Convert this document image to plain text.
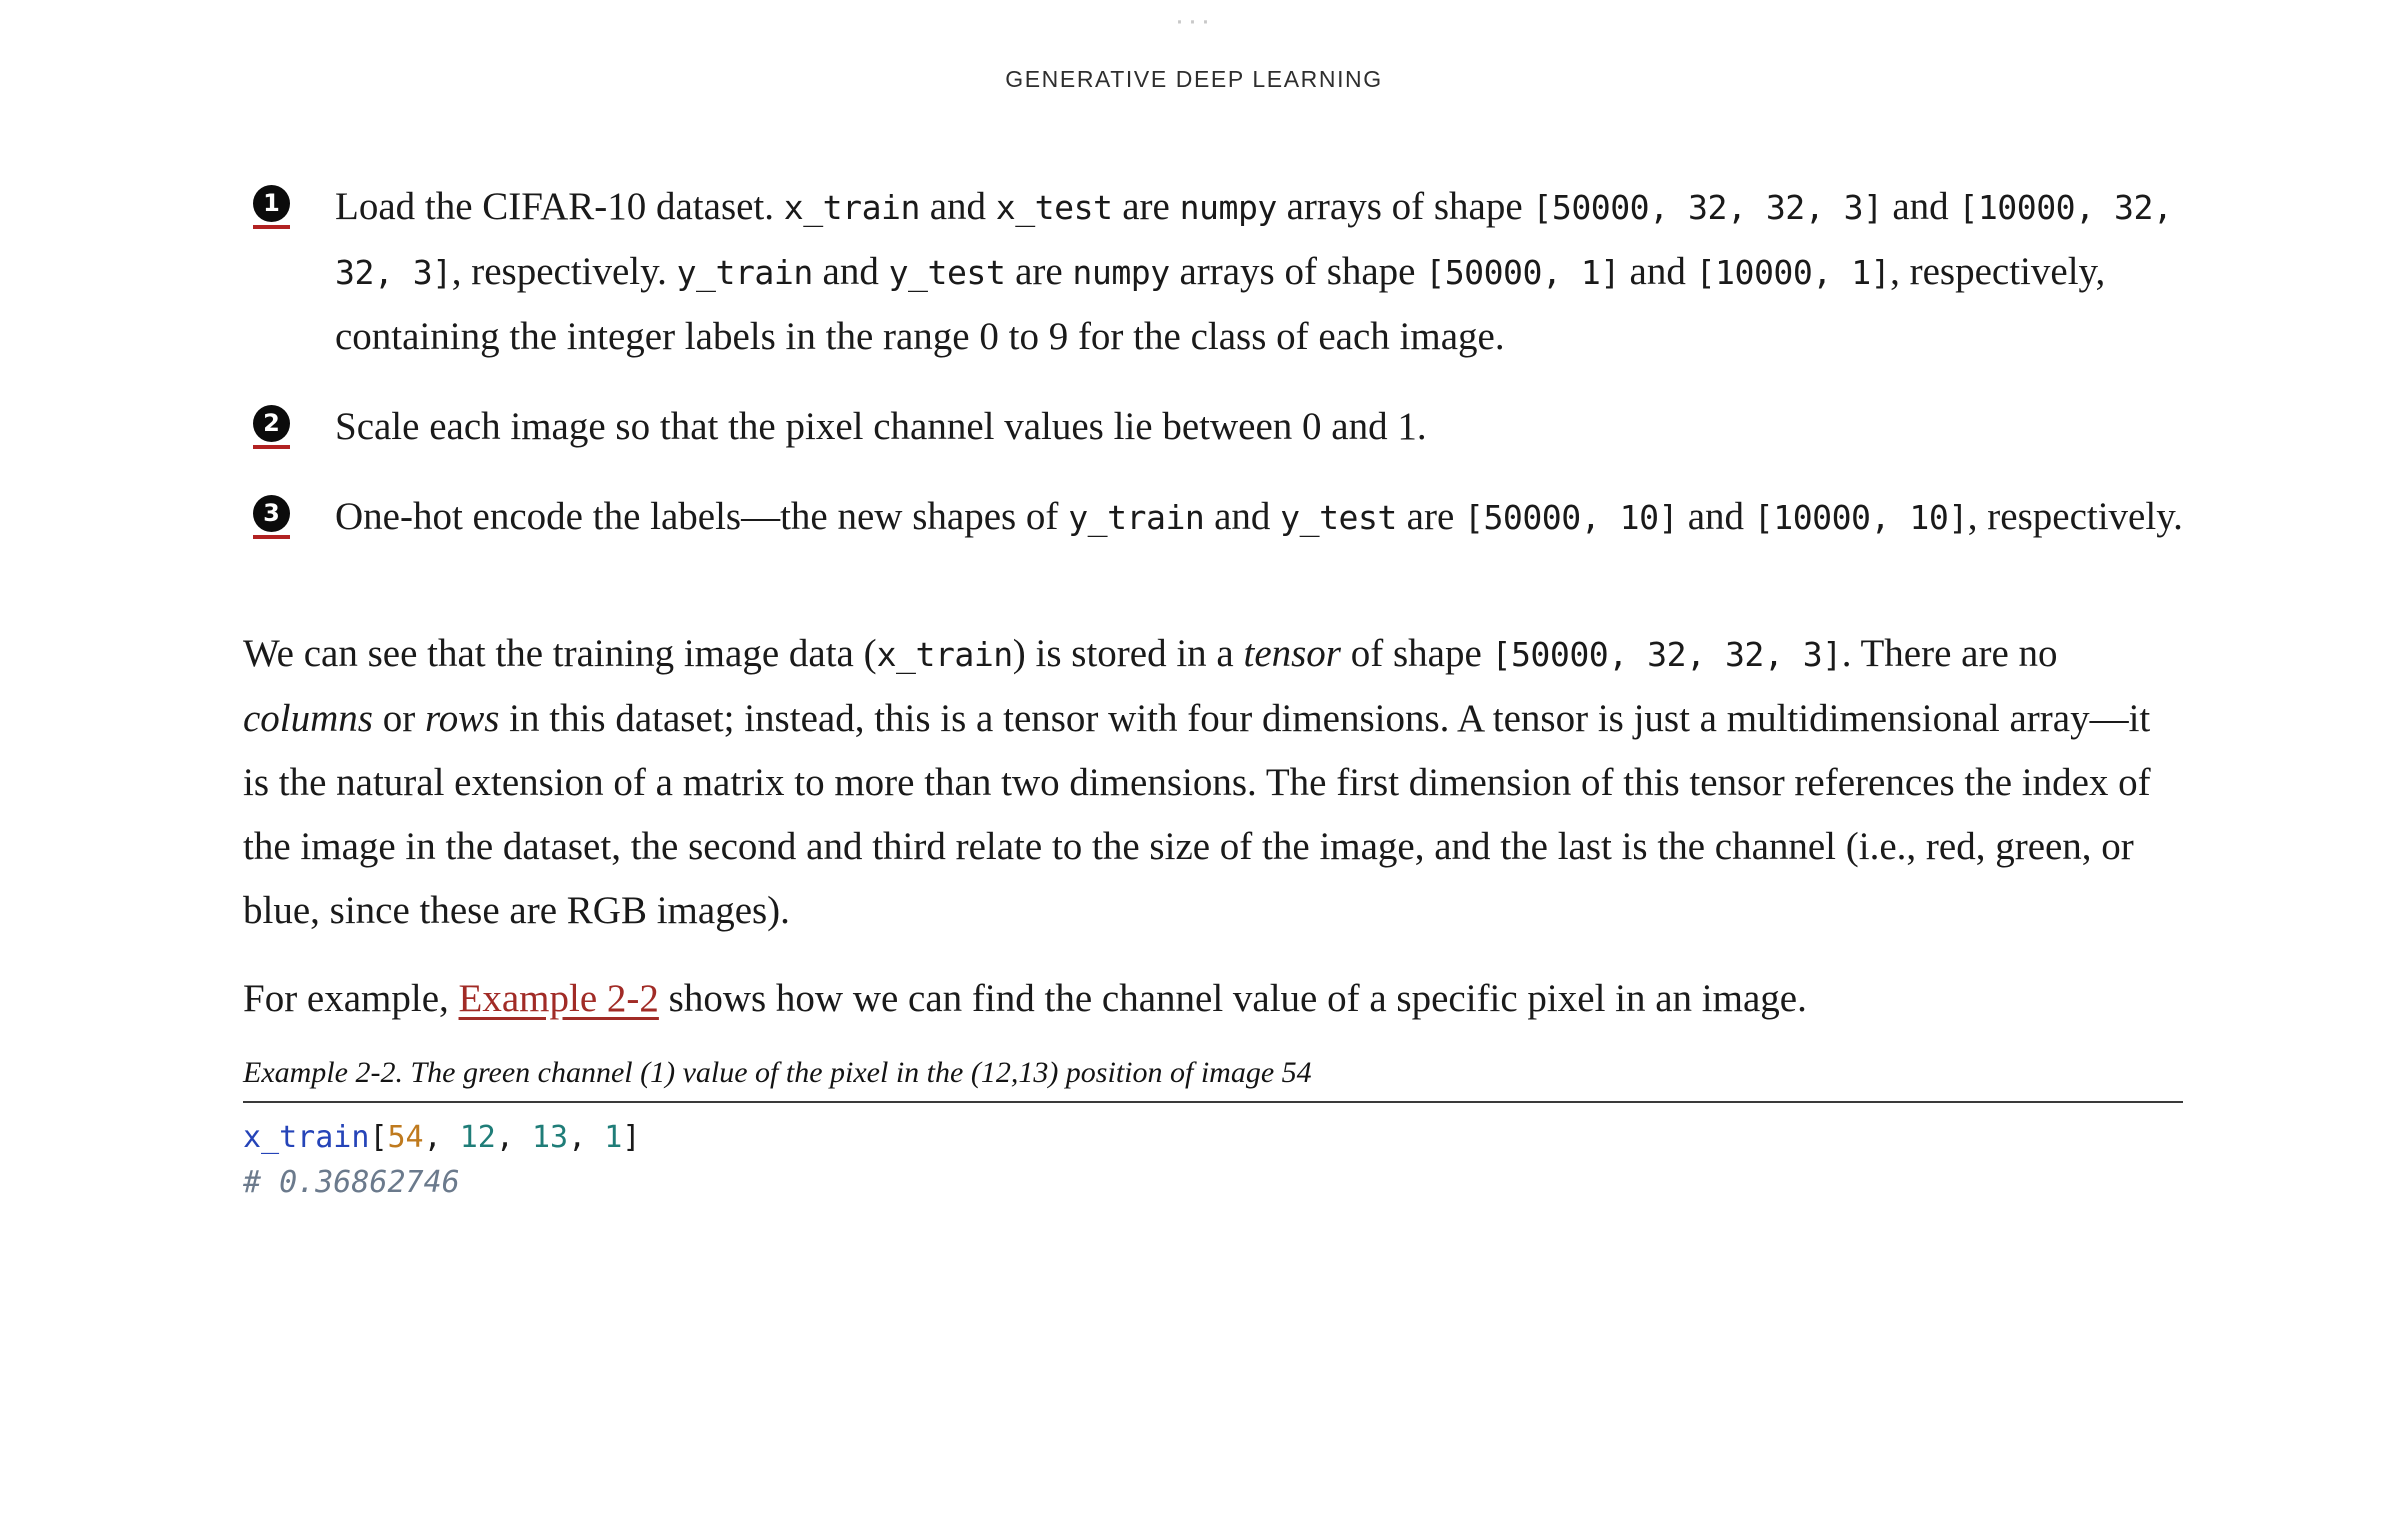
···
GENERATIVE DEEP LEARNING
1 Load the CIFAR-10 dataset. x_train and x_test are numpy arrays of shape [50000, 32, 32, 3] and [10000, 32, 32, 3], respectively. y_train and y_test are numpy arrays of shape [50000, 1] and [10000, 1], respectively, containing the integer labels in the range 0 to 9 for the class of each image.
2 Scale each image so that the pixel channel values lie between 0 and 1.
3 One-hot encode the labels—the new shapes of y_train and y_test are [50000, 10] and [10000, 10], respectively.

We can see that the training image data (x_train) is stored in a tensor of shape [50000, 32, 32, 3]. There are no columns or rows in this dataset; instead, this is a tensor with four dimensions. A tensor is just a multidimensional array—it is the natural extension of a matrix to more than two dimensions. The first dimension of this tensor references the index of the image in the dataset, the second and third relate to the size of the image, and the last is the channel (i.e., red, green, or blue, since these are RGB images).

For example, Example 2-2 shows how we can find the channel value of a specific pixel in an image.

Example 2-2. The green channel (1) value of the pixel in the (12,13) position of image 54
x_train[54, 12, 13, 1]
# 0.36862746
